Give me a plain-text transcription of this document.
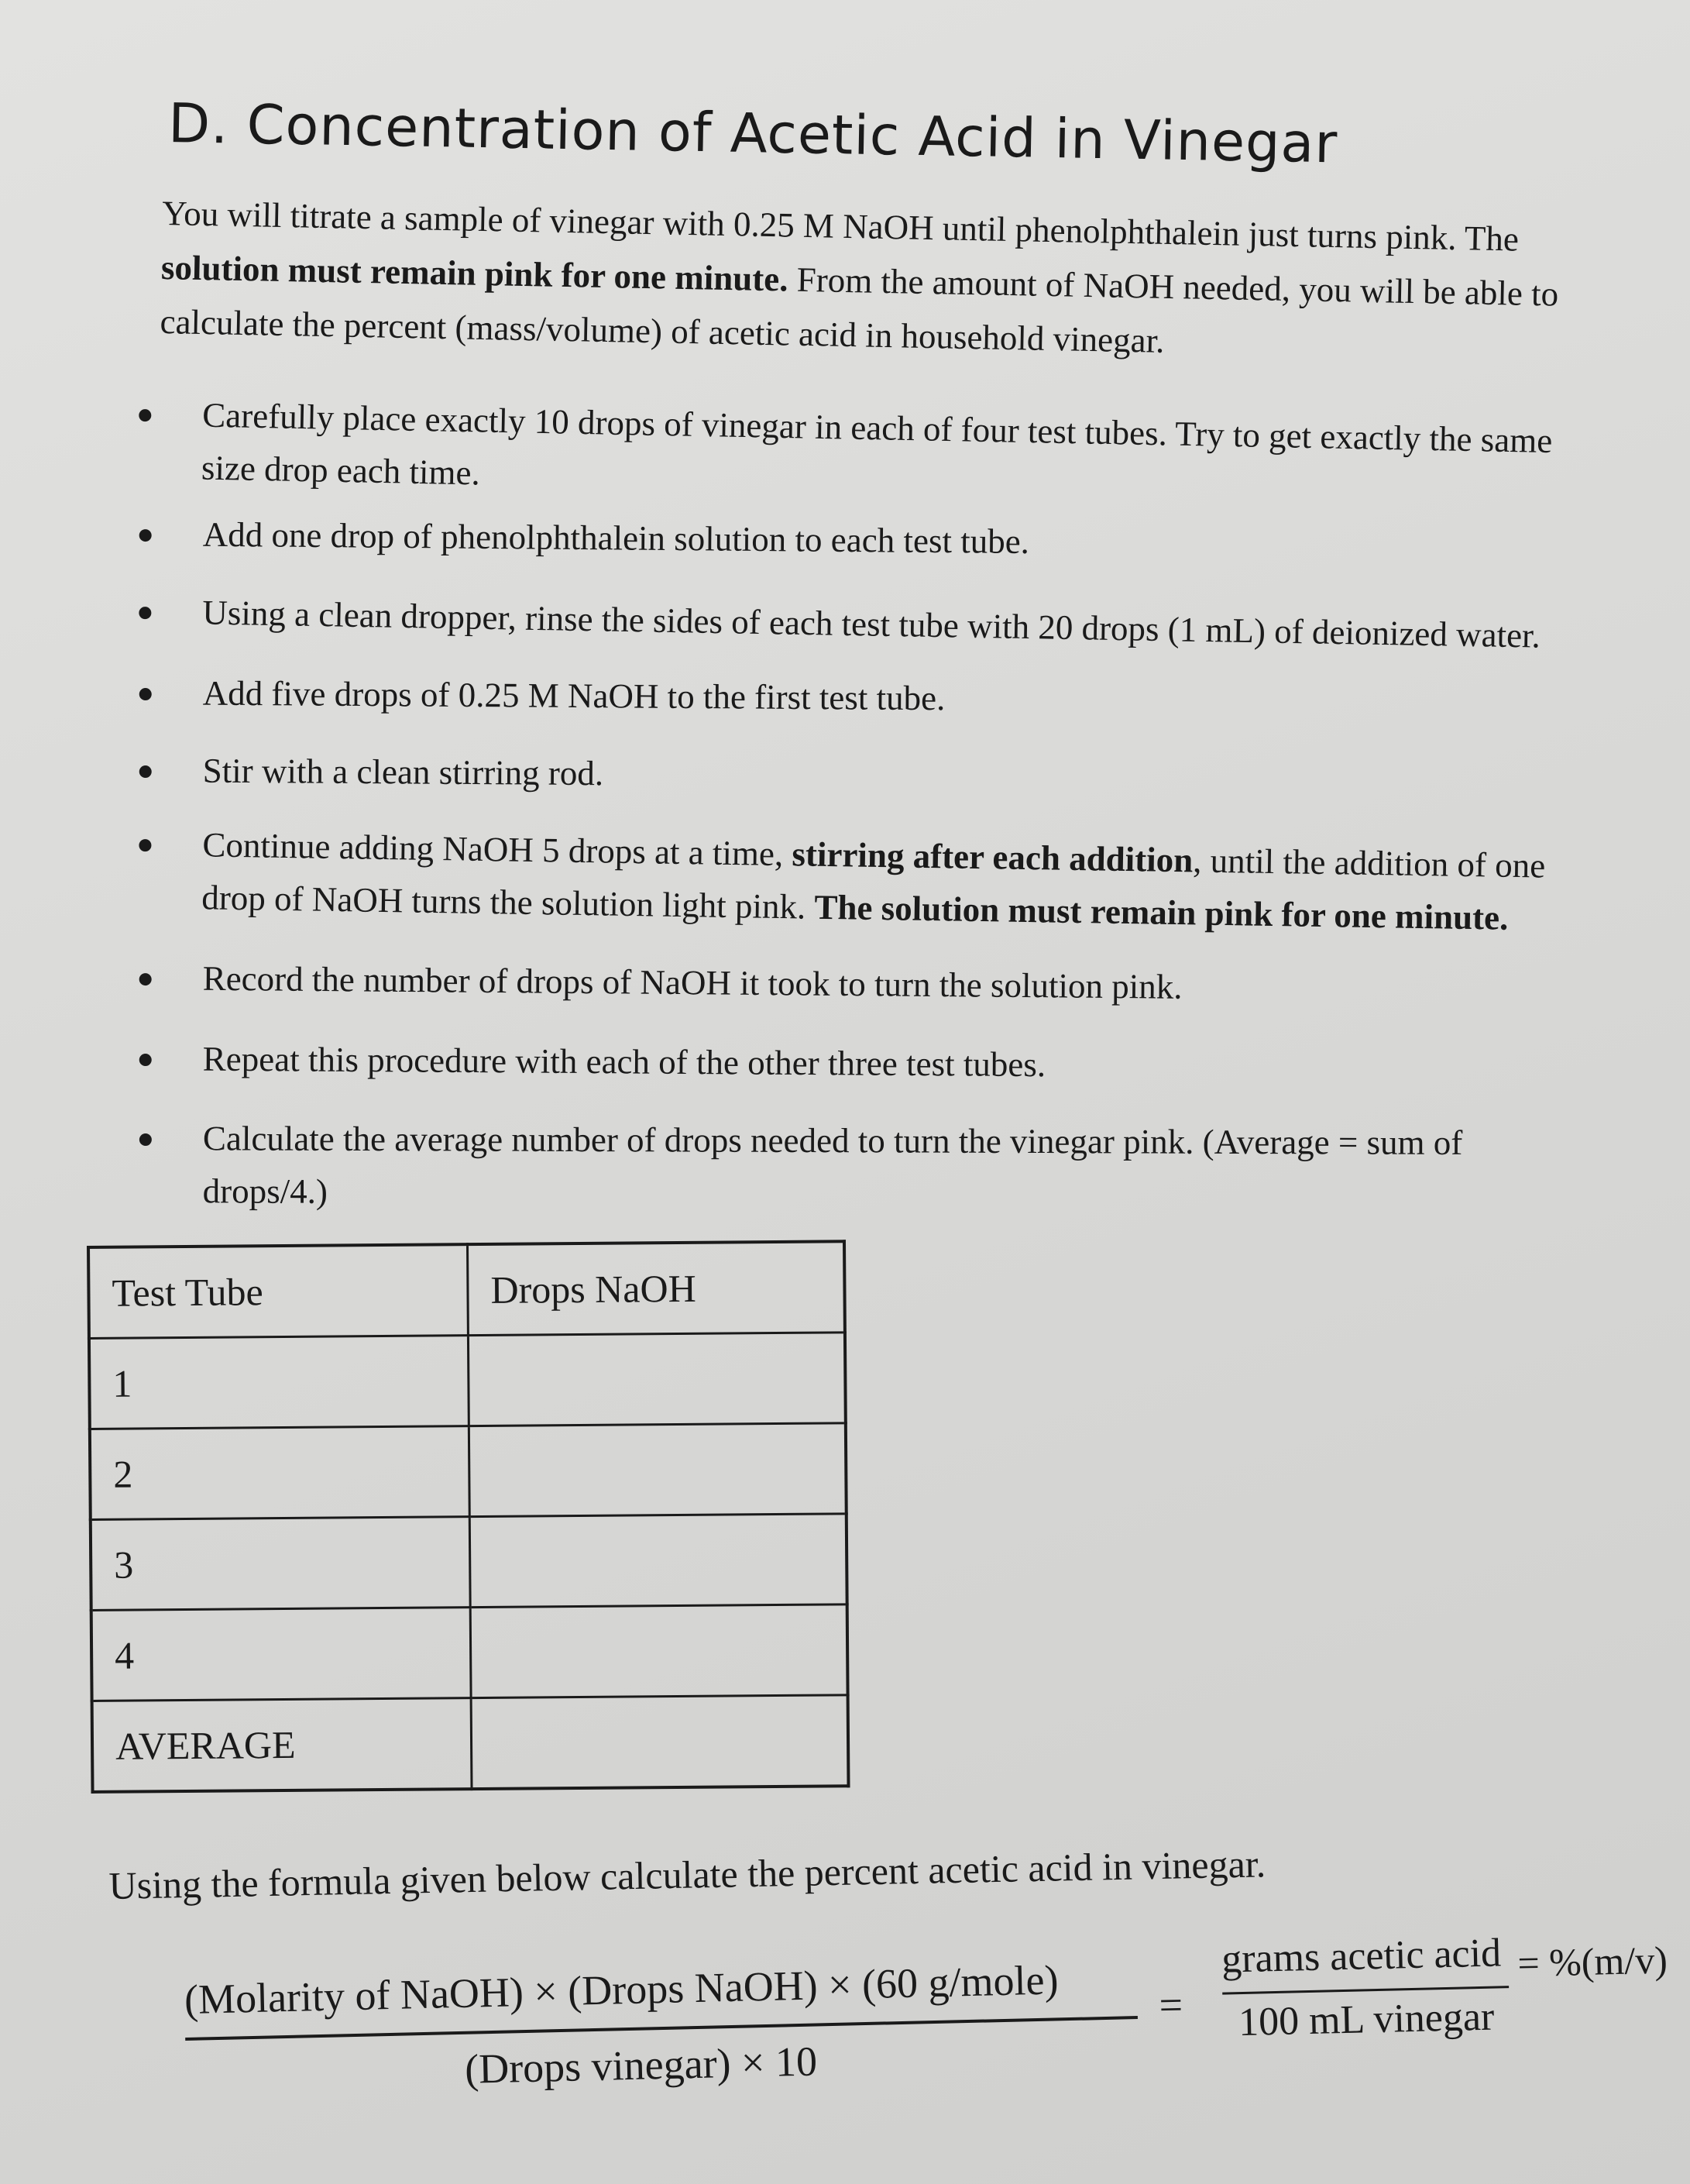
D. Concentration of Acetic Acid in Vinegar
You will titrate a sample of vinegar with 0.25 M NaOH until phenolphthalein just turns pink. The
solution must remain pink for one minute. From the amount of NaOH needed, you will be able to
calculate the percent (mass/volume) of acetic acid in household vinegar.
Carefully place exactly 10 drops of vinegar in each of four test tubes. Try to get exactly the same
size drop each time.
Add one drop of phenolphthalein solution to each test tube.
Using a clean dropper, rinse the sides of each test tube with 20 drops (1 mL) of deionized water.
Add five drops of 0.25 M NaOH to the first test tube.
Stir with a clean stirring rod.
Continue adding NaOH 5 drops at a time, stirring after each addition, until the addition of one
drop of NaOH turns the solution light pink. The solution must remain pink for one minute.
Record the number of drops of NaOH it took to turn the solution pink.
Repeat this procedure with each of the other three test tubes.
Calculate the average number of drops needed to turn the vinegar pink. (Average = sum of
drops/4.)
Test Tube	Drops NaOH
1	
2	
3	
4	
AVERAGE	
Using the formula given below calculate the percent acetic acid in vinegar.
(Molarity of NaOH) × (Drops NaOH) × (60 g/mole)
(Drops vinegar) × 10
=
grams acetic acid
100 mL vinegar
= %(m/v)
